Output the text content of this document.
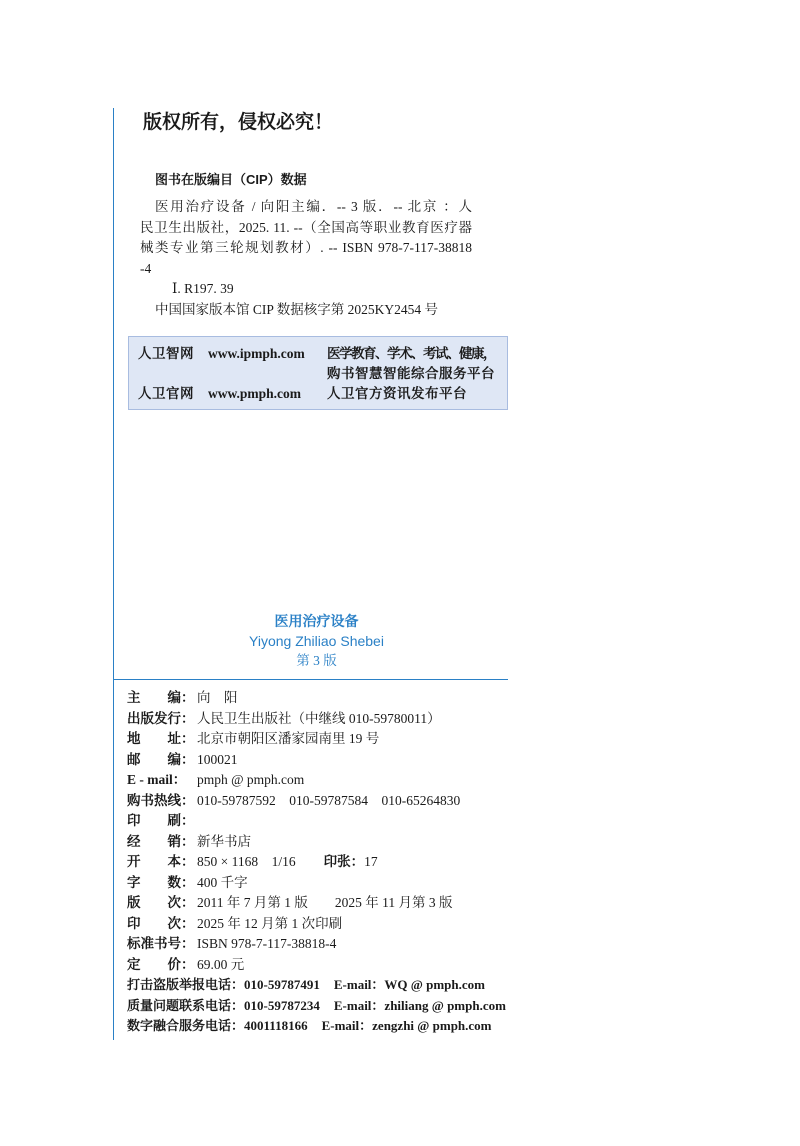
版权所有，侵权必究！
图书在版编目（CIP）数据
医用治疗设备 / 向阳主编．-- 3 版．-- 北京 ：人
民卫生出版社，2025. 11. --（全国高等职业教育医疗器
械类专业第三轮规划教材）. -- ISBN 978-7-117-38818
-4
Ⅰ. R197. 39
中国国家版本馆 CIP 数据核字第 2025KY2454 号
人卫智网	www.ipmph.com	医学教育、学术、考试、健康，
购书智慧智能综合服务平台
人卫官网	www.pmph.com	人卫官方资讯发布平台
医用治疗设备
Yiyong Zhiliao Shebei
第 3 版
主　　编： 向　阳
出版发行： 人民卫生出版社（中继线 010-59780011）
地　　址： 北京市朝阳区潘家园南里 19 号
邮　　编： 100021
E - mail： pmph @ pmph.com
购书热线： 010-59787592　010-59787584　010-65264830
印　　刷：
经　　销： 新华书店
开　　本： 850 × 1168　1/16 印张：17
字　　数： 400 千字
版　　次： 2011 年 7 月第 1 版　　2025 年 11 月第 3 版
印　　次： 2025 年 12 月第 1 次印刷
标准书号： ISBN 978-7-117-38818-4
定　　价： 69.00 元
打击盗版举报电话：010-59787491 E-mail：WQ @ pmph.com
质量问题联系电话：010-59787234 E-mail：zhiliang @ pmph.com
数字融合服务电话：4001118166 E-mail：zengzhi @ pmph.com
